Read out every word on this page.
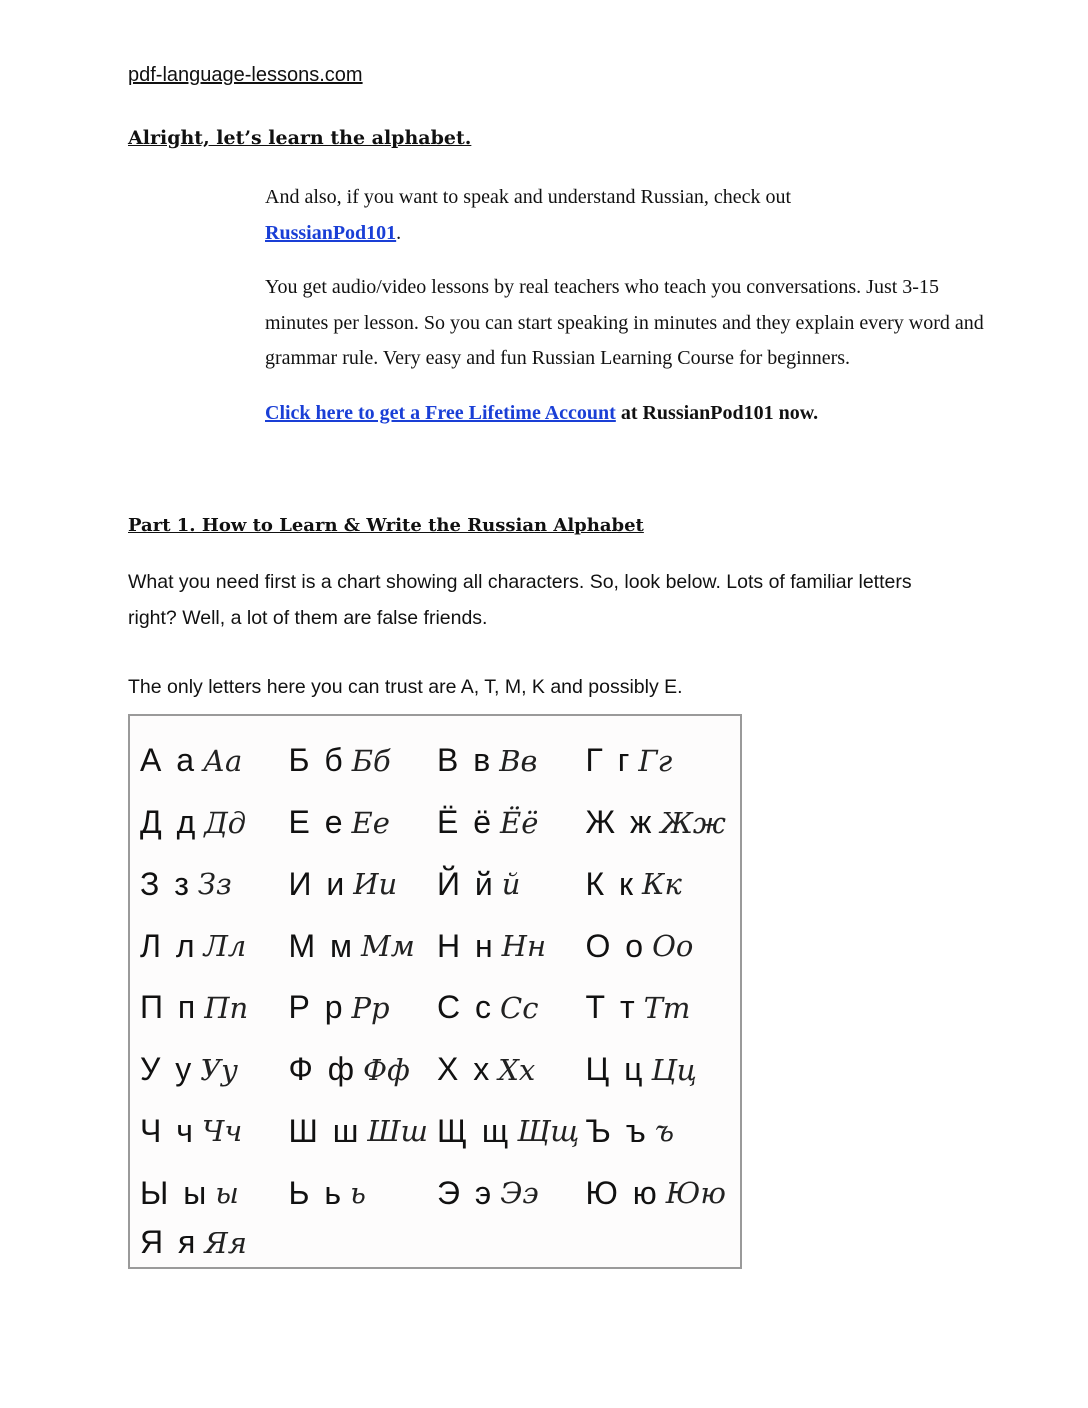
pdf-language-lessons.com
Alright, let’s learn the alphabet.

And also, if you want to speak and understand Russian, check out
RussianPod101.

You get audio/video lessons by real teachers who teach you conversations. Just 3-15 minutes per lesson. So you can start speaking in minutes and they explain every word and grammar rule. Very easy and fun Russian Learning Course for beginners.

Click here to get a Free Lifetime Account at RussianPod101 now.

Part 1. How to Learn & Write the Russian Alphabet
What you need first is a chart showing all characters. So, look below. Lots of familiar letters right? Well, a lot of them are false friends.
The only letters here you can trust are A, T, M, K and possibly E.
А а Аа Б б Бб В в Вв Г г Гг
Д д Дд Е е Ее Ё ё Ёё Ж ж Жж
З з Зз И и Ии Й й й К к Кк
Л л Лл М м Мм Н н Нн О о Оо
П п Пп Р р Рр С с Сс Т т Тт
У у Уу Ф ф Фф Х х Хх Ц ц Цц
Ч ч Чч Ш ш Шш Щ щ Щщ Ъ ъ ъ
Ы ы ы Ь ь ь Э э Ээ Ю ю Юю
Я я Яя
